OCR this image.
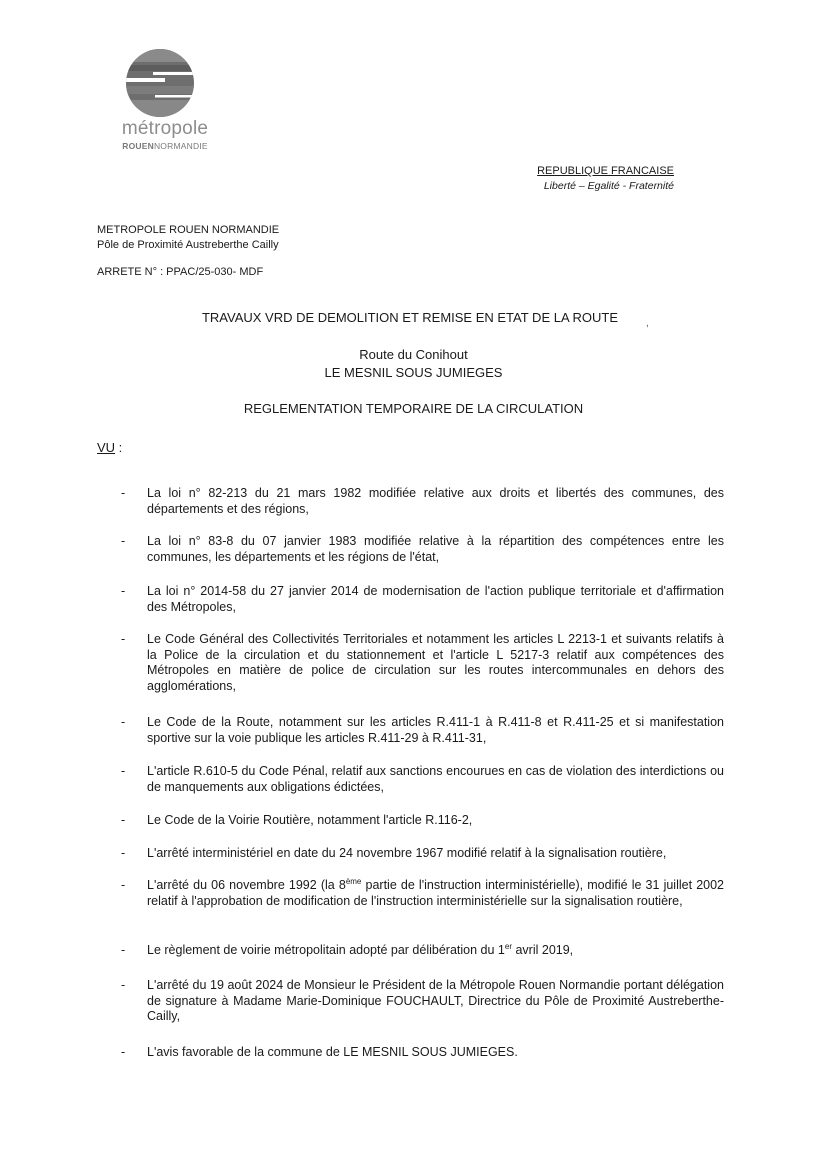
métropole
ROUENNORMANDIE
REPUBLIQUE FRANCAISE
Liberté – Egalité - Fraternité
METROPOLE ROUEN NORMANDIE
Pôle de Proximité Austreberthe Cailly
ARRETE N° : PPAC/25-030- MDF
TRAVAUX VRD DE DEMOLITION ET REMISE EN ETAT DE LA ROUTE	,
Route du Conihout
LE MESNIL SOUS JUMIEGES
REGLEMENTATION TEMPORAIRE DE LA CIRCULATION
VU :
- La loi n° 82-213 du 21 mars 1982 modifiée relative aux droits et libertés des communes, des départements et des régions,
- La loi n° 83-8 du 07 janvier 1983 modifiée relative à la répartition des compétences entre les communes, les départements et les régions de l'état,
- La loi n° 2014-58 du 27 janvier 2014 de modernisation de l'action publique territoriale et d'affirmation des Métropoles,
- Le Code Général des Collectivités Territoriales et notamment les articles L 2213-1 et suivants relatifs à la Police de la circulation et du stationnement et l'article L 5217-3 relatif aux compétences des Métropoles en matière de police de circulation sur les routes intercommunales en dehors des agglomérations,
- Le Code de la Route, notamment sur les articles R.411-1 à R.411-8 et R.411-25 et si manifestation sportive sur la voie publique les articles R.411-29 à R.411-31,
- L'article R.610-5 du Code Pénal, relatif aux sanctions encourues en cas de violation des interdictions ou de manquements aux obligations édictées,
- Le Code de la Voirie Routière, notamment l'article R.116-2,
- L'arrêté interministériel en date du 24 novembre 1967 modifié relatif à la signalisation routière,
- L'arrêté du 06 novembre 1992 (la 8ème partie de l'instruction interministérielle), modifié le 31 juillet 2002 relatif à l'approbation de modification de l'instruction interministérielle sur la signalisation routière,
- Le règlement de voirie métropolitain adopté par délibération du 1er avril 2019,
- L'arrêté du 19 août 2024 de Monsieur le Président de la Métropole Rouen Normandie portant délégation de signature à Madame Marie-Dominique FOUCHAULT, Directrice du Pôle de Proximité Austreberthe-Cailly,
- L'avis favorable de la commune de LE MESNIL SOUS JUMIEGES.
